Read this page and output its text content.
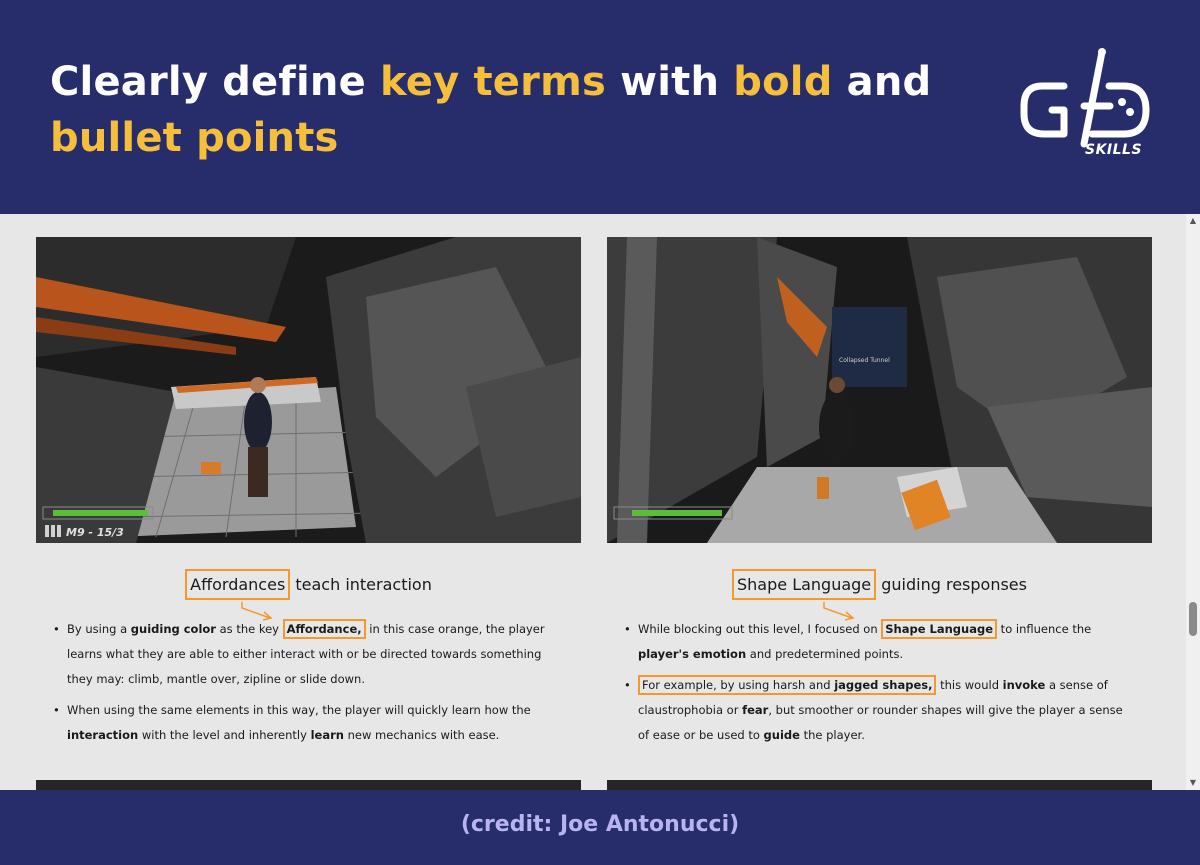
Clearly define key terms with bold and
bullet points	SKILLS
M9 - 15/3
Collapsed Tunnel
Affordances teach interaction
• By using a guiding color as the key Affordance, in this case orange, the player learns what they are able to either interact with or be directed towards something they may: climb, mantle over, zipline or slide down.
• When using the same elements in this way, the player will quickly learn how the interaction with the level and inherently learn new mechanics with ease.
Shape Language guiding responses
• While blocking out this level, I focused on Shape Language to influence the player's emotion and predetermined points.
• For example, by using harsh and jagged shapes, this would invoke a sense of claustrophobia or fear, but smoother or rounder shapes will give the player a sense of ease or be used to guide the player.
▲
▼
(credit: Joe Antonucci)
